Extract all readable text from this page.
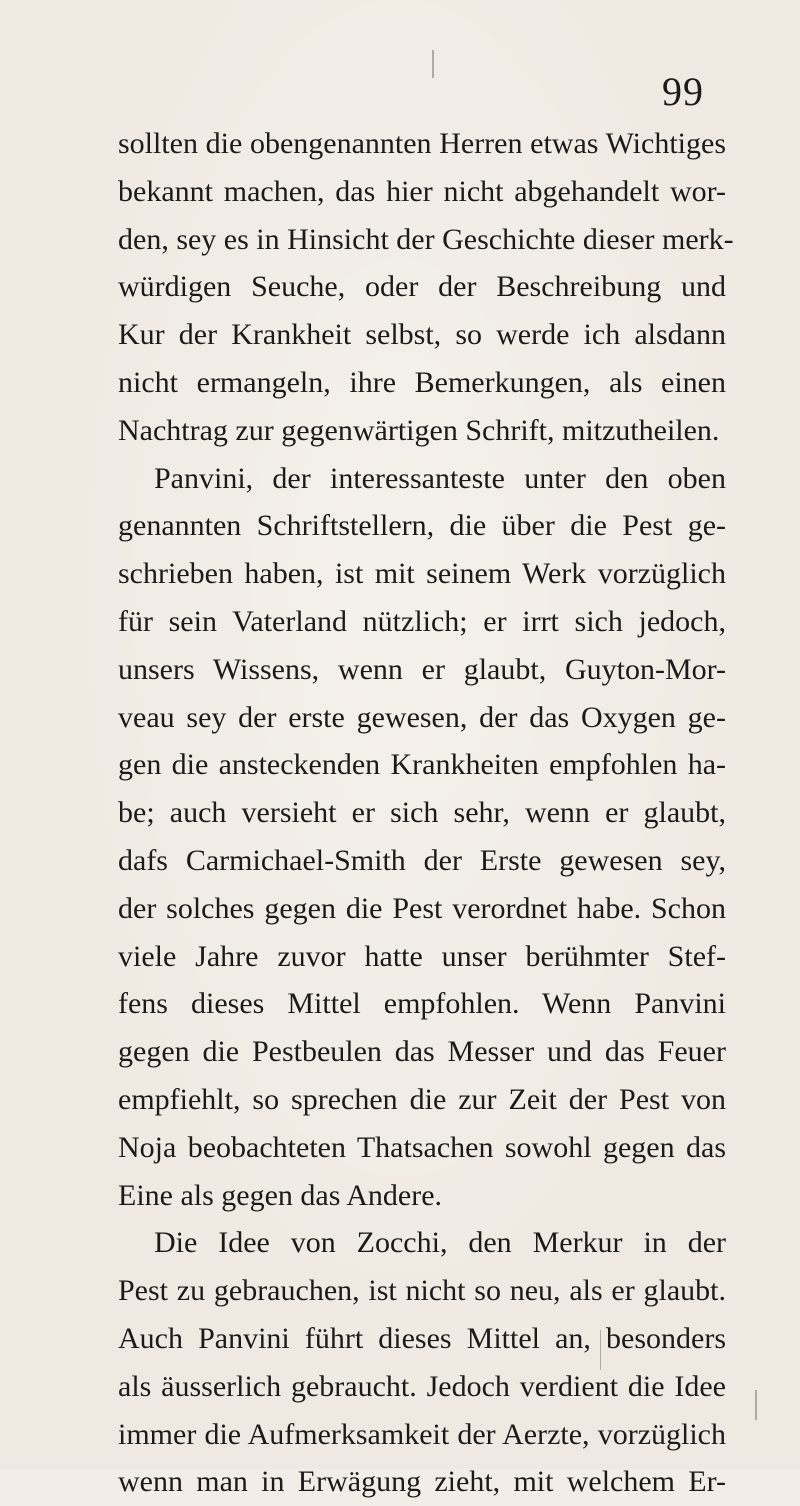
99
sollten die obengenannten Herren etwas Wichtiges
bekannt machen, das hier nicht abgehandelt wor-
den, sey es in Hinsicht der Geschichte dieser merk-
würdigen Seuche, oder der Beschreibung und
Kur der Krankheit selbst, so werde ich alsdann
nicht ermangeln, ihre Bemerkungen, als einen
Nachtrag zur gegenwärtigen Schrift, mitzutheilen.
Panvini, der interessanteste unter den oben
genannten Schriftstellern, die über die Pest ge-
schrieben haben, ist mit seinem Werk vorzüglich
für sein Vaterland nützlich; er irrt sich jedoch,
unsers Wissens, wenn er glaubt, Guyton-Mor-
veau sey der erste gewesen, der das Oxygen ge-
gen die ansteckenden Krankheiten empfohlen ha-
be; auch versieht er sich sehr, wenn er glaubt,
dafs Carmichael-Smith der Erste gewesen sey,
der solches gegen die Pest verordnet habe. Schon
viele Jahre zuvor hatte unser berühmter Stef-
fens dieses Mittel empfohlen. Wenn Panvini
gegen die Pestbeulen das Messer und das Feuer
empfiehlt, so sprechen die zur Zeit der Pest von
Noja beobachteten Thatsachen sowohl gegen das
Eine als gegen das Andere.
Die Idee von Zocchi, den Merkur in der
Pest zu gebrauchen, ist nicht so neu, als er glaubt.
Auch Panvini führt dieses Mittel an, besonders
als äusserlich gebraucht. Jedoch verdient die Idee
immer die Aufmerksamkeit der Aerzte, vorzüglich
wenn man in Erwägung zieht, mit welchem Er-
